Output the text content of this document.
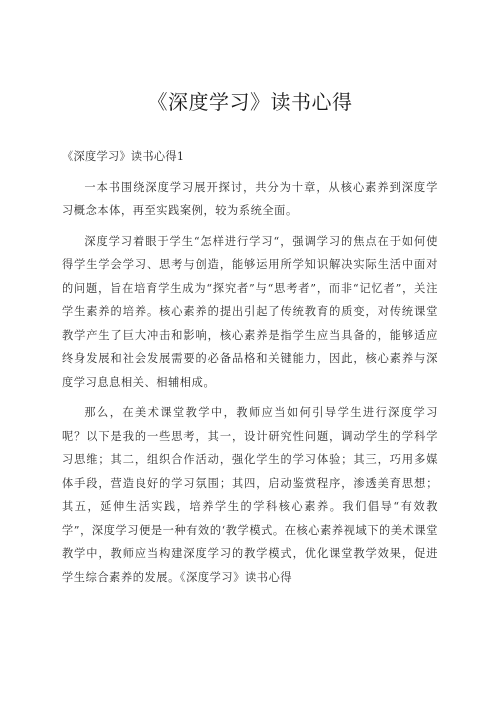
《深度学习》读书心得

《深度学习》读书心得1

一本书围绕深度学习展开探讨，共分为十章，从核心素养到深度学习概念本体，再至实践案例，较为系统全面。

深度学习着眼于学生“怎样进行学习“，强调学习的焦点在于如何使得学生学会学习、思考与创造，能够运用所学知识解决实际生活中面对的问题，旨在培育学生成为“探究者”与“思考者”，而非“记忆者”，关注学生素养的培养。核心素养的提出引起了传统教育的质变，对传统课堂教学产生了巨大冲击和影响，核心素养是指学生应当具备的，能够适应终身发展和社会发展需要的必备品格和关键能力，因此，核心素养与深度学习息息相关、相辅相成。

那么，在美术课堂教学中，教师应当如何引导学生进行深度学习呢？以下是我的一些思考，其一，设计研究性问题，调动学生的学科学习思维；其二，组织合作活动，强化学生的学习体验；其三，巧用多媒体手段，营造良好的学习氛围；其四，启动鉴赏程序，渗透美育思想；其五，延伸生活实践，培养学生的学科核心素养。我们倡导“有效教学”，深度学习便是一种有效的‘教学模式。在核心素养视域下的美术课堂教学中，教师应当构建深度学习的教学模式，优化课堂教学效果，促进学生综合素养的发展。《深度学习》读书心得
